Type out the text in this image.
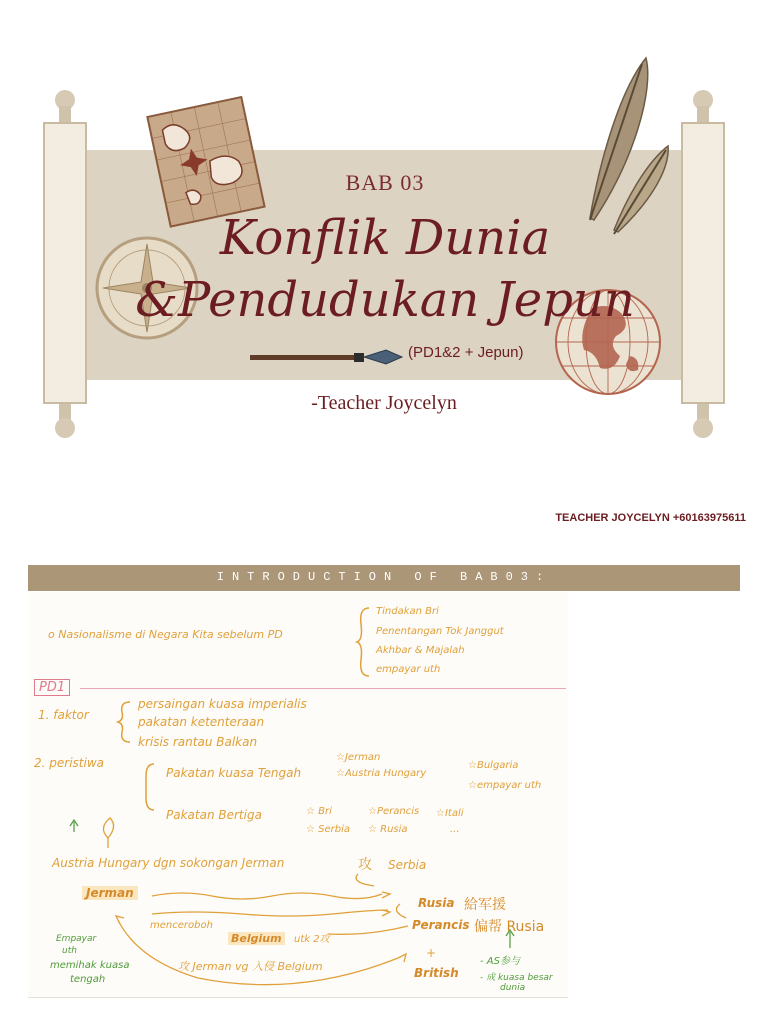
BAB 03
Konflik Dunia
&Pendudukan Jepun
(PD1&2 + Jepun)
-Teacher Joycelyn
TEACHER JOYCELYN +60163975611
INTRODUCTION OF BAB03:
o Nasionalisme di Negara Kita sebelum PD
Tindakan Bri
Penentangan Tok Janggut
Akhbar & Majalah
empayar uth
PD1
1. faktor
persaingan kuasa imperialis
pakatan ketenteraan
krisis rantau Balkan
2. peristiwa
Pakatan kuasa Tengah
☆Jerman
☆Austria Hungary
☆Bulgaria
☆empayar uth
Pakatan Bertiga	☆ Bri	☆Perancis ☆Itali
☆ Serbia ☆ Rusia	...
Austria Hungary dgn sokongan Jerman	攻 Serbia
Jerman
Rusia 給军援
Perancis 偏帮 Rusia
menceroboh
Belgium	utk 2攻
攻 Jerman vg 入侵 Belgium
Empayar
uth
memihak kuasa
tengah
+
British
- AS参与
- 成 kuasa besar
dunia
